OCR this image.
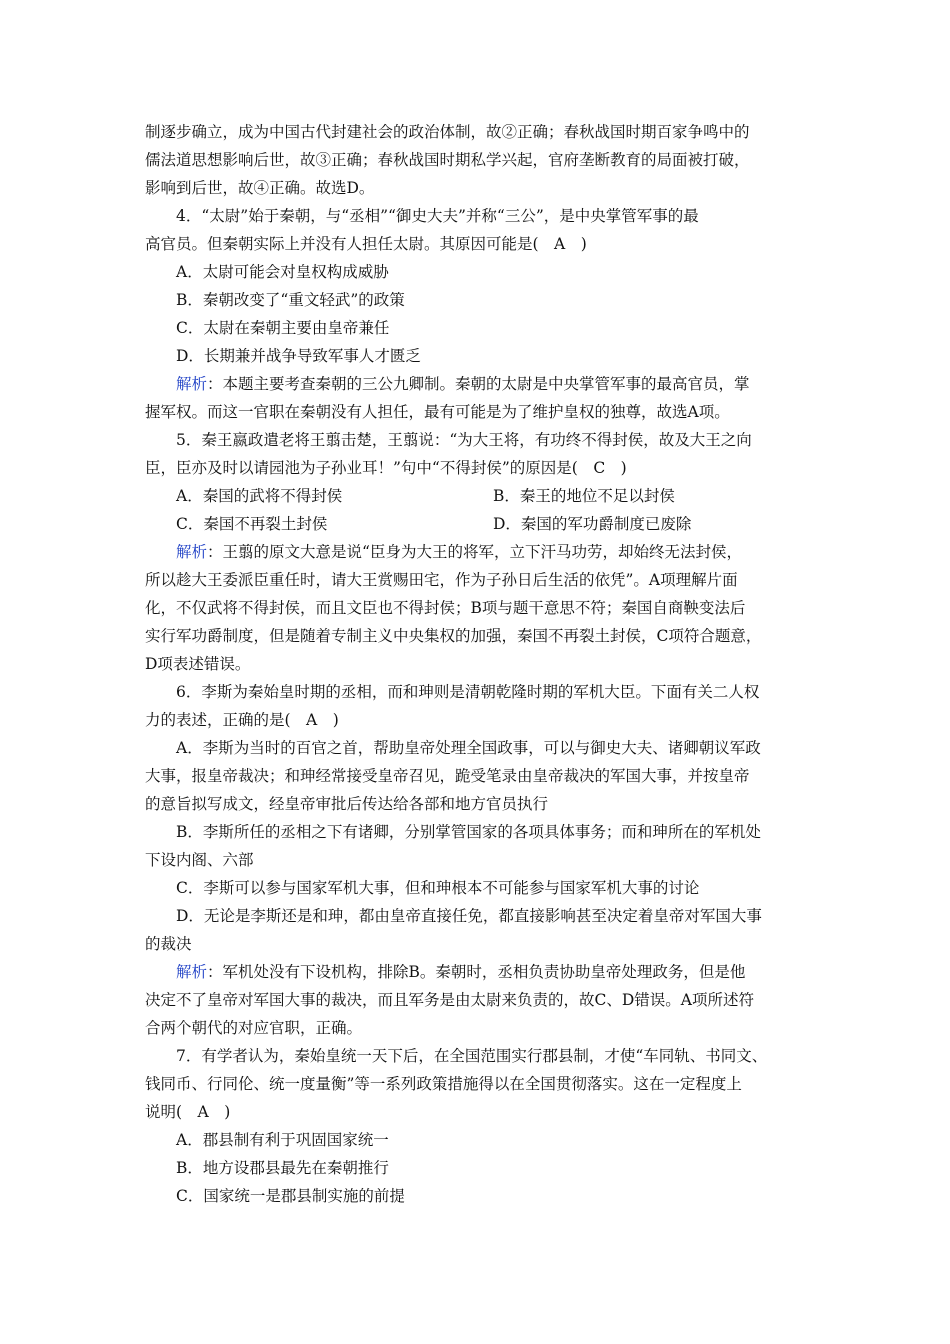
制逐步确立，成为中国古代封建社会的政治体制，故②正确；春秋战国时期百家争鸣中的
儒法道思想影响后世，故③正确；春秋战国时期私学兴起，官府垄断教育的局面被打破，
影响到后世，故④正确。故选D。
4．“太尉”始于秦朝，与“丞相”“御史大夫”并称“三公”，是中央掌管军事的最
高官员。但秦朝实际上并没有人担任太尉。其原因可能是(　A　)
A．太尉可能会对皇权构成威胁
B．秦朝改变了“重文轻武”的政策
C．太尉在秦朝主要由皇帝兼任
D．长期兼并战争导致军事人才匮乏
解析：本题主要考查秦朝的三公九卿制。秦朝的太尉是中央掌管军事的最高官员，掌
握军权。而这一官职在秦朝没有人担任，最有可能是为了维护皇权的独尊，故选A项。
5．秦王嬴政遣老将王翦击楚，王翦说：“为大王将，有功终不得封侯，故及大王之向
臣，臣亦及时以请园池为子孙业耳！”句中“不得封侯”的原因是(　C　)
A．秦国的武将不得封侯	B．秦王的地位不足以封侯
C．秦国不再裂土封侯	D．秦国的军功爵制度已废除
解析：王翦的原文大意是说“臣身为大王的将军，立下汗马功劳，却始终无法封侯，
所以趁大王委派臣重任时，请大王赏赐田宅，作为子孙日后生活的依凭”。A项理解片面
化，不仅武将不得封侯，而且文臣也不得封侯；B项与题干意思不符；秦国自商鞅变法后
实行军功爵制度，但是随着专制主义中央集权的加强，秦国不再裂土封侯，C项符合题意，
D项表述错误。
6．李斯为秦始皇时期的丞相，而和珅则是清朝乾隆时期的军机大臣。下面有关二人权
力的表述，正确的是(　A　)
A．李斯为当时的百官之首，帮助皇帝处理全国政事，可以与御史大夫、诸卿朝议军政
大事，报皇帝裁决；和珅经常接受皇帝召见，跪受笔录由皇帝裁决的军国大事，并按皇帝
的意旨拟写成文，经皇帝审批后传达给各部和地方官员执行
B．李斯所任的丞相之下有诸卿，分别掌管国家的各项具体事务；而和珅所在的军机处
下设内阁、六部
C．李斯可以参与国家军机大事，但和珅根本不可能参与国家军机大事的讨论
D．无论是李斯还是和珅，都由皇帝直接任免，都直接影响甚至决定着皇帝对军国大事
的裁决
解析：军机处没有下设机构，排除B。秦朝时，丞相负责协助皇帝处理政务，但是他
决定不了皇帝对军国大事的裁决，而且军务是由太尉来负责的，故C、D错误。A项所述符
合两个朝代的对应官职，正确。
7．有学者认为，秦始皇统一天下后，在全国范围实行郡县制，才使“车同轨、书同文、
钱同币、行同伦、统一度量衡”等一系列政策措施得以在全国贯彻落实。这在一定程度上
说明(　A　)
A．郡县制有利于巩固国家统一
B．地方设郡县最先在秦朝推行
C．国家统一是郡县制实施的前提
